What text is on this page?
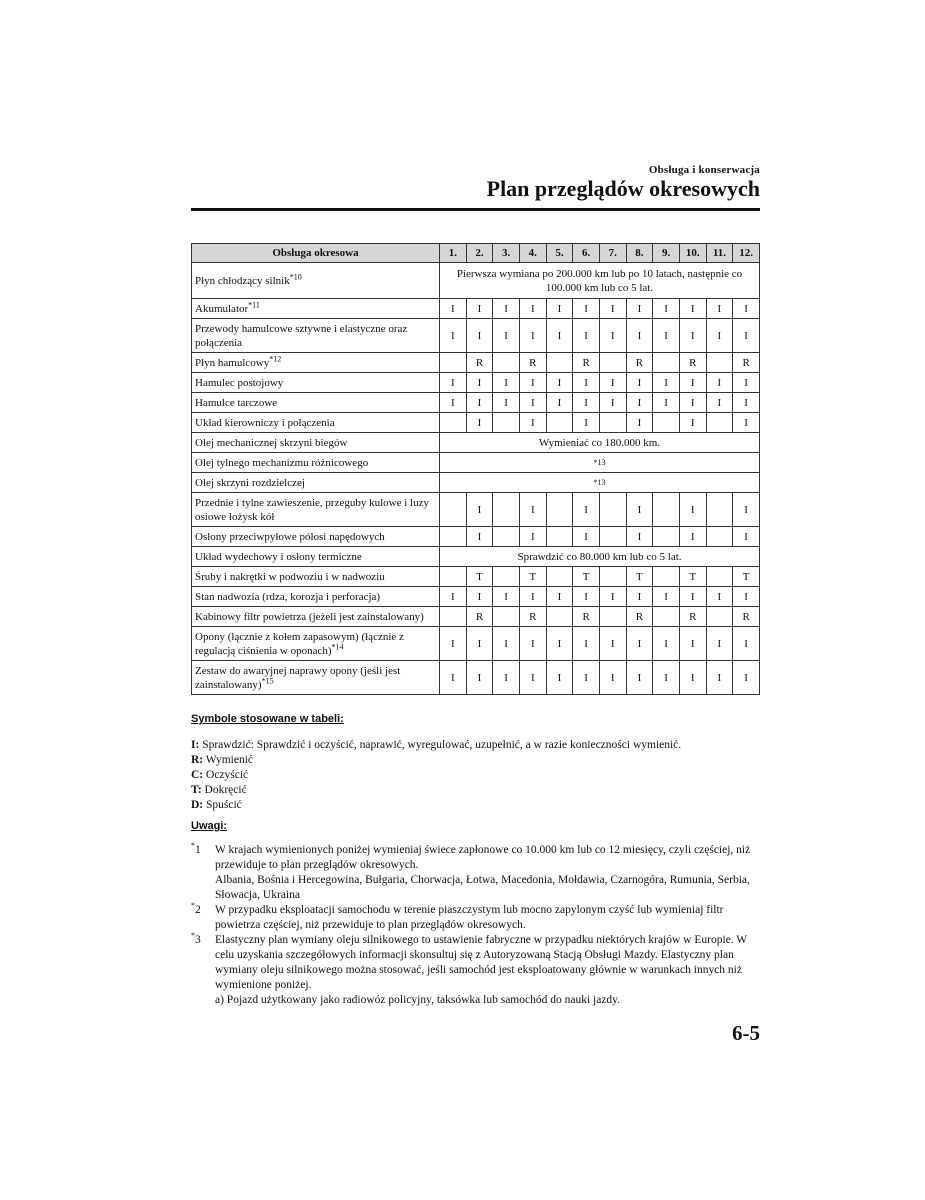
Obsługa i konserwacja
Plan przeglądów okresowych
Obsługa okresowa	1.	2.	3.	4.	5.	6.	7.	8.	9.	10.	11.	12.
Płyn chłodzący silnik$^{*10}$	Pierwsza wymiana po 200.000 km lub po 10 latach, następnie co 100.000 km lub co 5 lat.											
Akumulator$^{*11}$	I	I	I	I	I	I	I	I	I	I	I	I
Przewody hamulcowe sztywne i elastyczne oraz połączenia	I	I	I	I	I	I	I	I	I	I	I	I
Płyn hamulcowy$^{*12}$		R		R		R		R		R		R
Hamulec postojowy	I	I	I	I	I	I	I	I	I	I	I	I
Hamulce tarczowe	I	I	I	I	I	I	I	I	I	I	I	I
Układ kierowniczy i połączenia		I		I		I		I		I		I
Olej mechanicznej skrzyni biegów	Wymieniać co 180.000 km.											
Olej tylnego mechanizmu różnicowego	*13											
Olej skrzyni rozdzielczej	*13											
Przednie i tylne zawieszenie, przeguby kulowe i luzy osiowe łożysk kół		I		I		I		I		I		I
Osłony przeciwpyłowe półosi napędowych		I		I		I		I		I		I
Układ wydechowy i osłony termiczne	Sprawdzić co 80.000 km lub co 5 lat.											
Śruby i nakrętki w podwoziu i w nadwoziu		T		T		T		T		T		T
Stan nadwozia (rdza, korozja i perforacja)	I	I	I	I	I	I	I	I	I	I	I	I
Kabinowy filtr powietrza (jeżeli jest zainstalowany)		R		R		R		R		R		R
Opony (łącznie z kołem zapasowym) (łącznie z regulacją ciśnienia w oponach)$^{*14}$	I	I	I	I	I	I	I	I	I	I	I	I
Zestaw do awaryjnej naprawy opony (jeśli jest zainstalowany)$^{*15}$	I	I	I	I	I	I	I	I	I	I	I	I
Symbole stosowane w tabeli:
I: Sprawdzić: Sprawdzić i oczyścić, naprawić, wyregulować, uzupełnić, a w razie konieczności wymienić.
R: Wymienić
C: Oczyścić
T: Dokręcić
D: Spuścić
Uwagi:
*1 W krajach wymienionych poniżej wymieniaj świece zapłonowe co 10.000 km lub co 12 miesięcy, czyli częściej, niż przewiduje to plan przeglądów okresowych.
Albania, Bośnia i Hercegowina, Bułgaria, Chorwacja, Łotwa, Macedonia, Mołdawia, Czarnogóra, Rumunia, Serbia, Słowacja, Ukraina
*2 W przypadku eksploatacji samochodu w terenie piaszczystym lub mocno zapylonym czyść lub wymieniaj filtr powietrza częściej, niż przewiduje to plan przeglądów okresowych.
*3 Elastyczny plan wymiany oleju silnikowego to ustawienie fabryczne w przypadku niektórych krajów w Europie. W celu uzyskania szczegółowych informacji skonsultuj się z Autoryzowaną Stacją Obsługi Mazdy. Elastyczny plan wymiany oleju silnikowego można stosować, jeśli samochód jest eksploatowany głównie w warunkach innych niż wymienione poniżej.
a) Pojazd użytkowany jako radiowóz policyjny, taksówka lub samochód do nauki jazdy.
6-5
